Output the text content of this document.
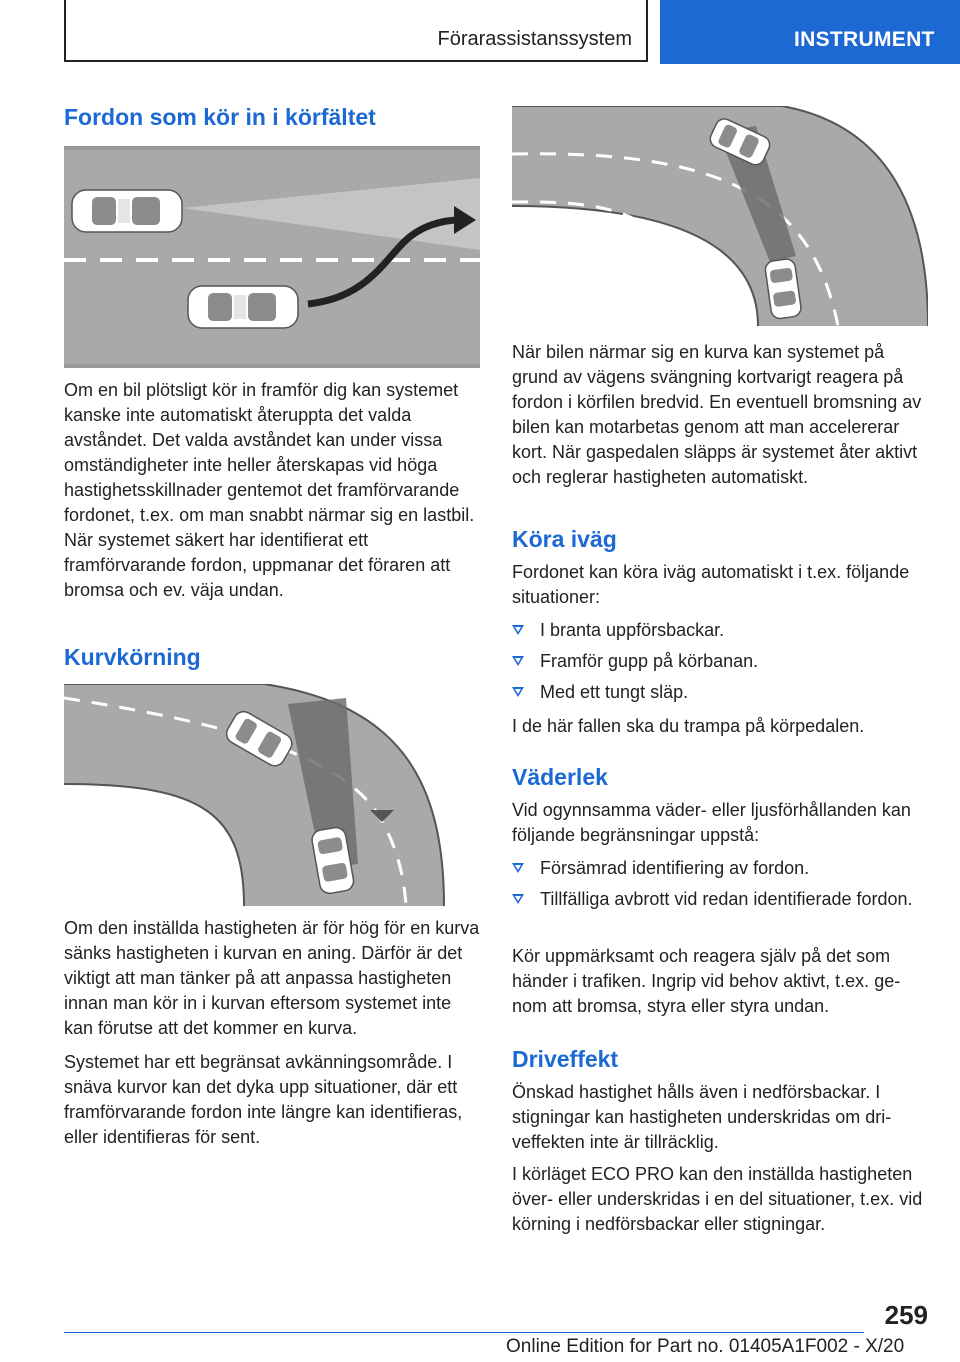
Förarassistanssystem	INSTRUMENT
Fordon som kör in i körfältet

Om en bil plötsligt kör in framför dig kan systemet kanske inte automatiskt återuppta det valda avståndet. Det valda avståndet kan under vissa omständigheter inte heller återskapas vid höga hastighetsskillnader gentemot det framförvarande fordonet, t.ex. om man snabbt närmar sig en lastbil. När systemet säkert har identifierat ett framförvarande fordon, uppmanar det föraren att bromsa och ev. väja undan.

Kurvkörning

Om den inställda hastigheten är för hög för en kurva sänks hastigheten i kurvan en aning. Därför är det viktigt att man tänker på att anpassa hastigheten innan man kör in i kurvan eftersom systemet inte kan förutse att det kommer en kurva.

Systemet har ett begränsat avkänningsområde. I snäva kurvor kan det dyka upp situationer, där ett framförvarande fordon inte längre kan identifieras, eller identifieras för sent.

När bilen närmar sig en kurva kan systemet på grund av vägens svängning kortvarigt reagera på fordon i körfilen bredvid. En eventuell bromsning av bilen kan motarbetas genom att man accelererar kort. När gaspedalen släpps är systemet åter aktivt och reglerar hastigheten automatiskt.

Köra iväg

Fordonet kan köra iväg automatiskt i t.ex. följande situationer:

I branta uppförsbackar.
Framför gupp på körbanan.
Med ett tungt släp.

I de här fallen ska du trampa på körpedalen.

Väderlek

Vid ogynnsamma väder- eller ljusförhållanden kan följande begränsningar uppstå:

Försämrad identifiering av fordon.
Tillfälliga avbrott vid redan identifierade fordon.

Kör uppmärksamt och reagera själv på det som händer i trafiken. Ingrip vid behov aktivt, t.ex. genom att bromsa, styra eller styra undan.

Driveffekt

Önskad hastighet hålls även i nedförsbackar. I stigningar kan hastigheten underskridas om driveffekten inte är tillräcklig.

I körläget ECO PRO kan den inställda hastigheten över- eller underskridas i en del situationer, t.ex. vid körning i nedförsbackar eller stigningar.

259
Online Edition for Part no. 01405A1F002 - X/20
